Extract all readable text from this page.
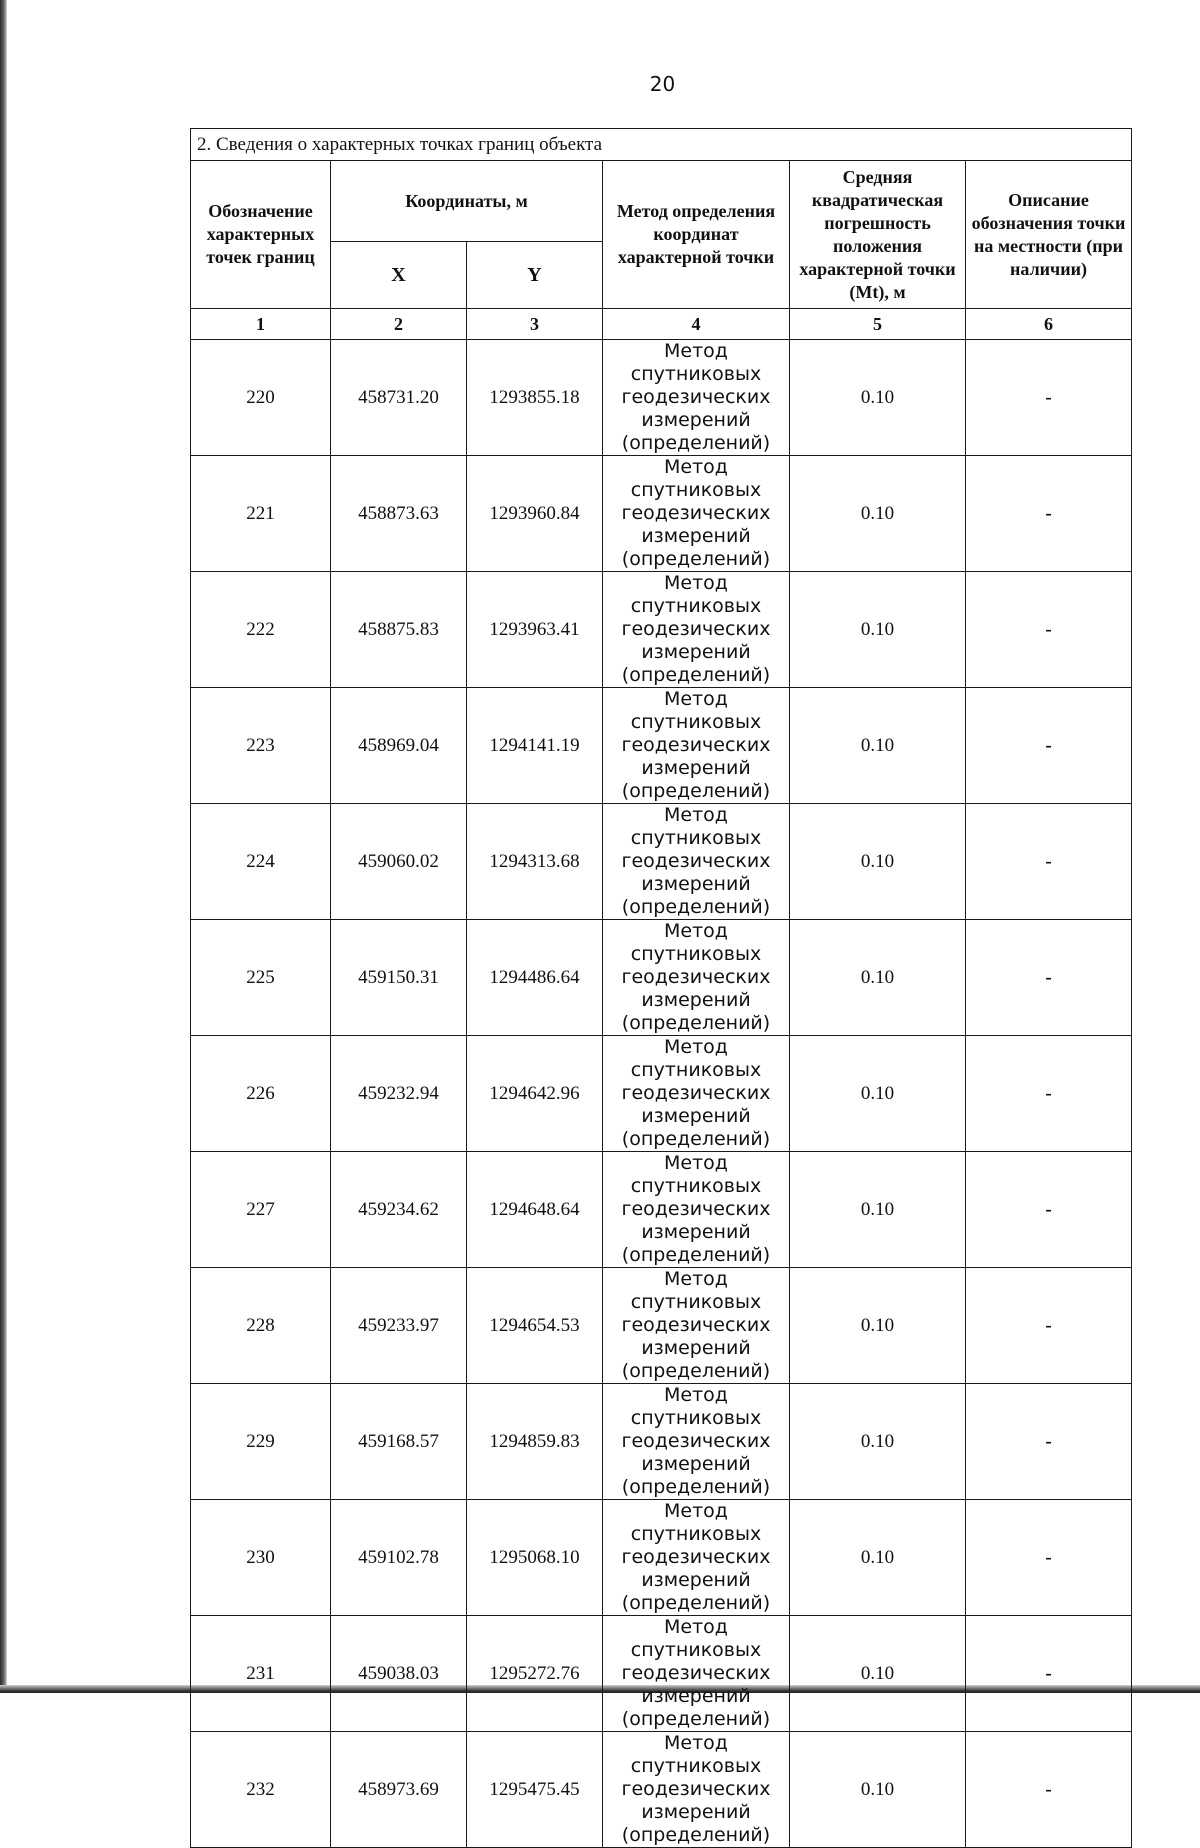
20
2. Сведения о характерных точках границ объекта					
Обозначение характерных точек границ	Координаты, м		Метод определения координат характерной точки	Средняя квадратическая погрешность положения характерной точки (Mt), м	Описание обозначения точки на местности (при наличии)
	X	Y			
1	2	3	4	5	6
220	458731.20	1293855.18	Метод спутниковых геодезических измерений (определений)	0.10	-
221	458873.63	1293960.84	Метод спутниковых геодезических измерений (определений)	0.10	-
222	458875.83	1293963.41	Метод спутниковых геодезических измерений (определений)	0.10	-
223	458969.04	1294141.19	Метод спутниковых геодезических измерений (определений)	0.10	-
224	459060.02	1294313.68	Метод спутниковых геодезических измерений (определений)	0.10	-
225	459150.31	1294486.64	Метод спутниковых геодезических измерений (определений)	0.10	-
226	459232.94	1294642.96	Метод спутниковых геодезических измерений (определений)	0.10	-
227	459234.62	1294648.64	Метод спутниковых геодезических измерений (определений)	0.10	-
228	459233.97	1294654.53	Метод спутниковых геодезических измерений (определений)	0.10	-
229	459168.57	1294859.83	Метод спутниковых геодезических измерений (определений)	0.10	-
230	459102.78	1295068.10	Метод спутниковых геодезических измерений (определений)	0.10	-
231	459038.03	1295272.76	Метод спутниковых геодезических измерений (определений)	0.10	-
232	458973.69	1295475.45	Метод спутниковых геодезических измерений (определений)	0.10	-
